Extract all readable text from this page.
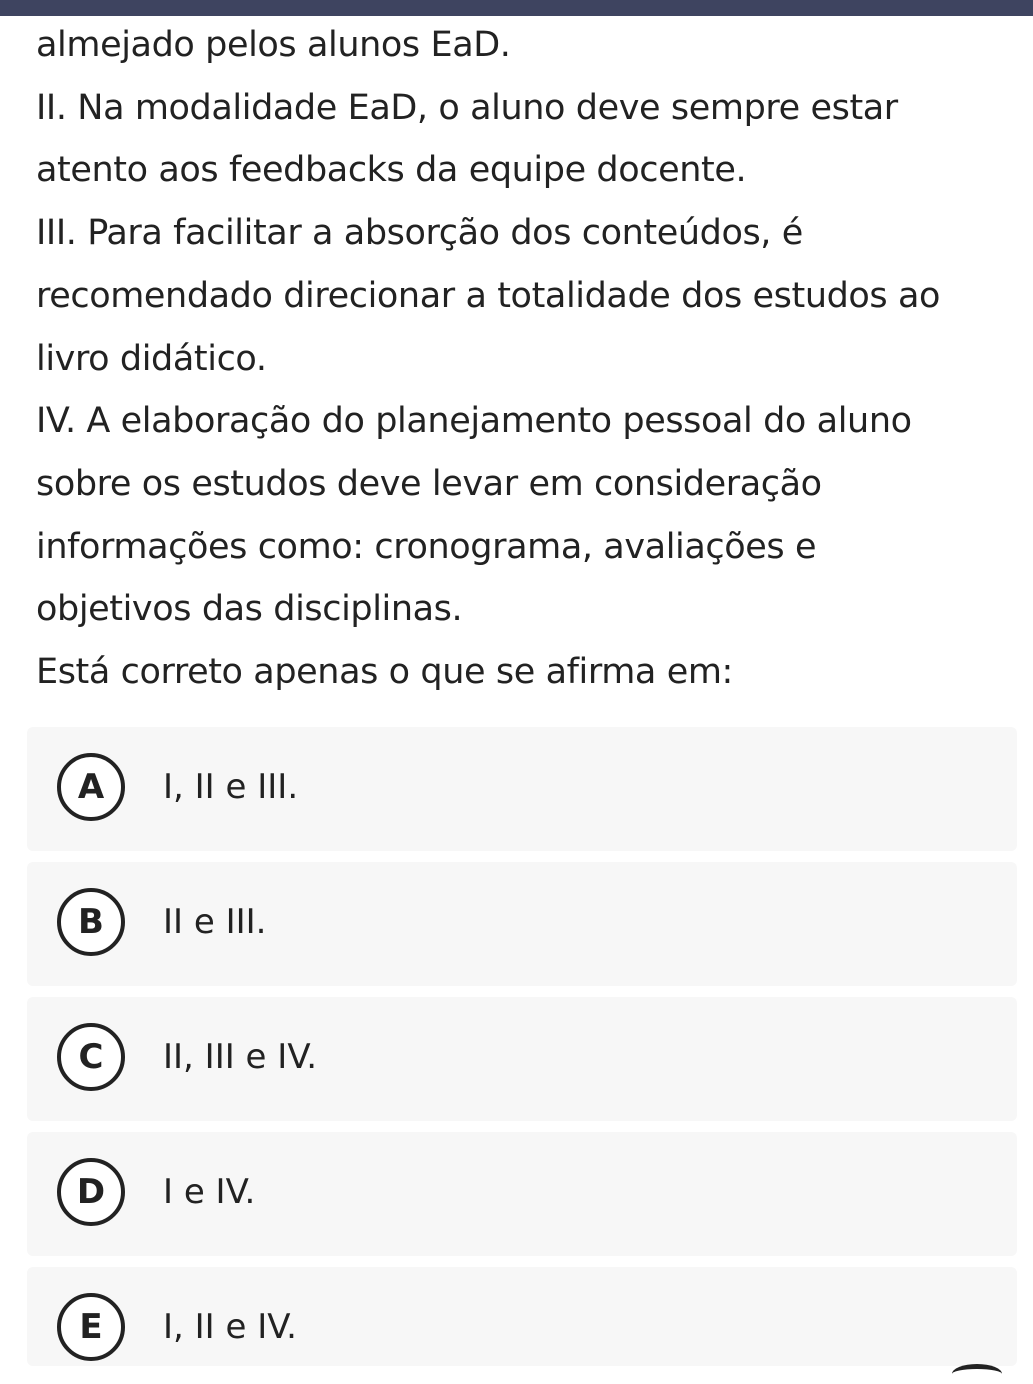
almejado pelos alunos EaD.
II. Na modalidade EaD, o aluno deve sempre estar
atento aos feedbacks da equipe docente.
III. Para facilitar a absorção dos conteúdos, é
recomendado direcionar a totalidade dos estudos ao
livro didático.
IV. A elaboração do planejamento pessoal do aluno
sobre os estudos deve levar em consideração
informações como: cronograma, avaliações e
objetivos das disciplinas.
Está correto apenas o que se afirma em:
A	I, II e III.
B	II e III.
C	II, III e IV.
D	I e IV.
E	I, II e IV.
